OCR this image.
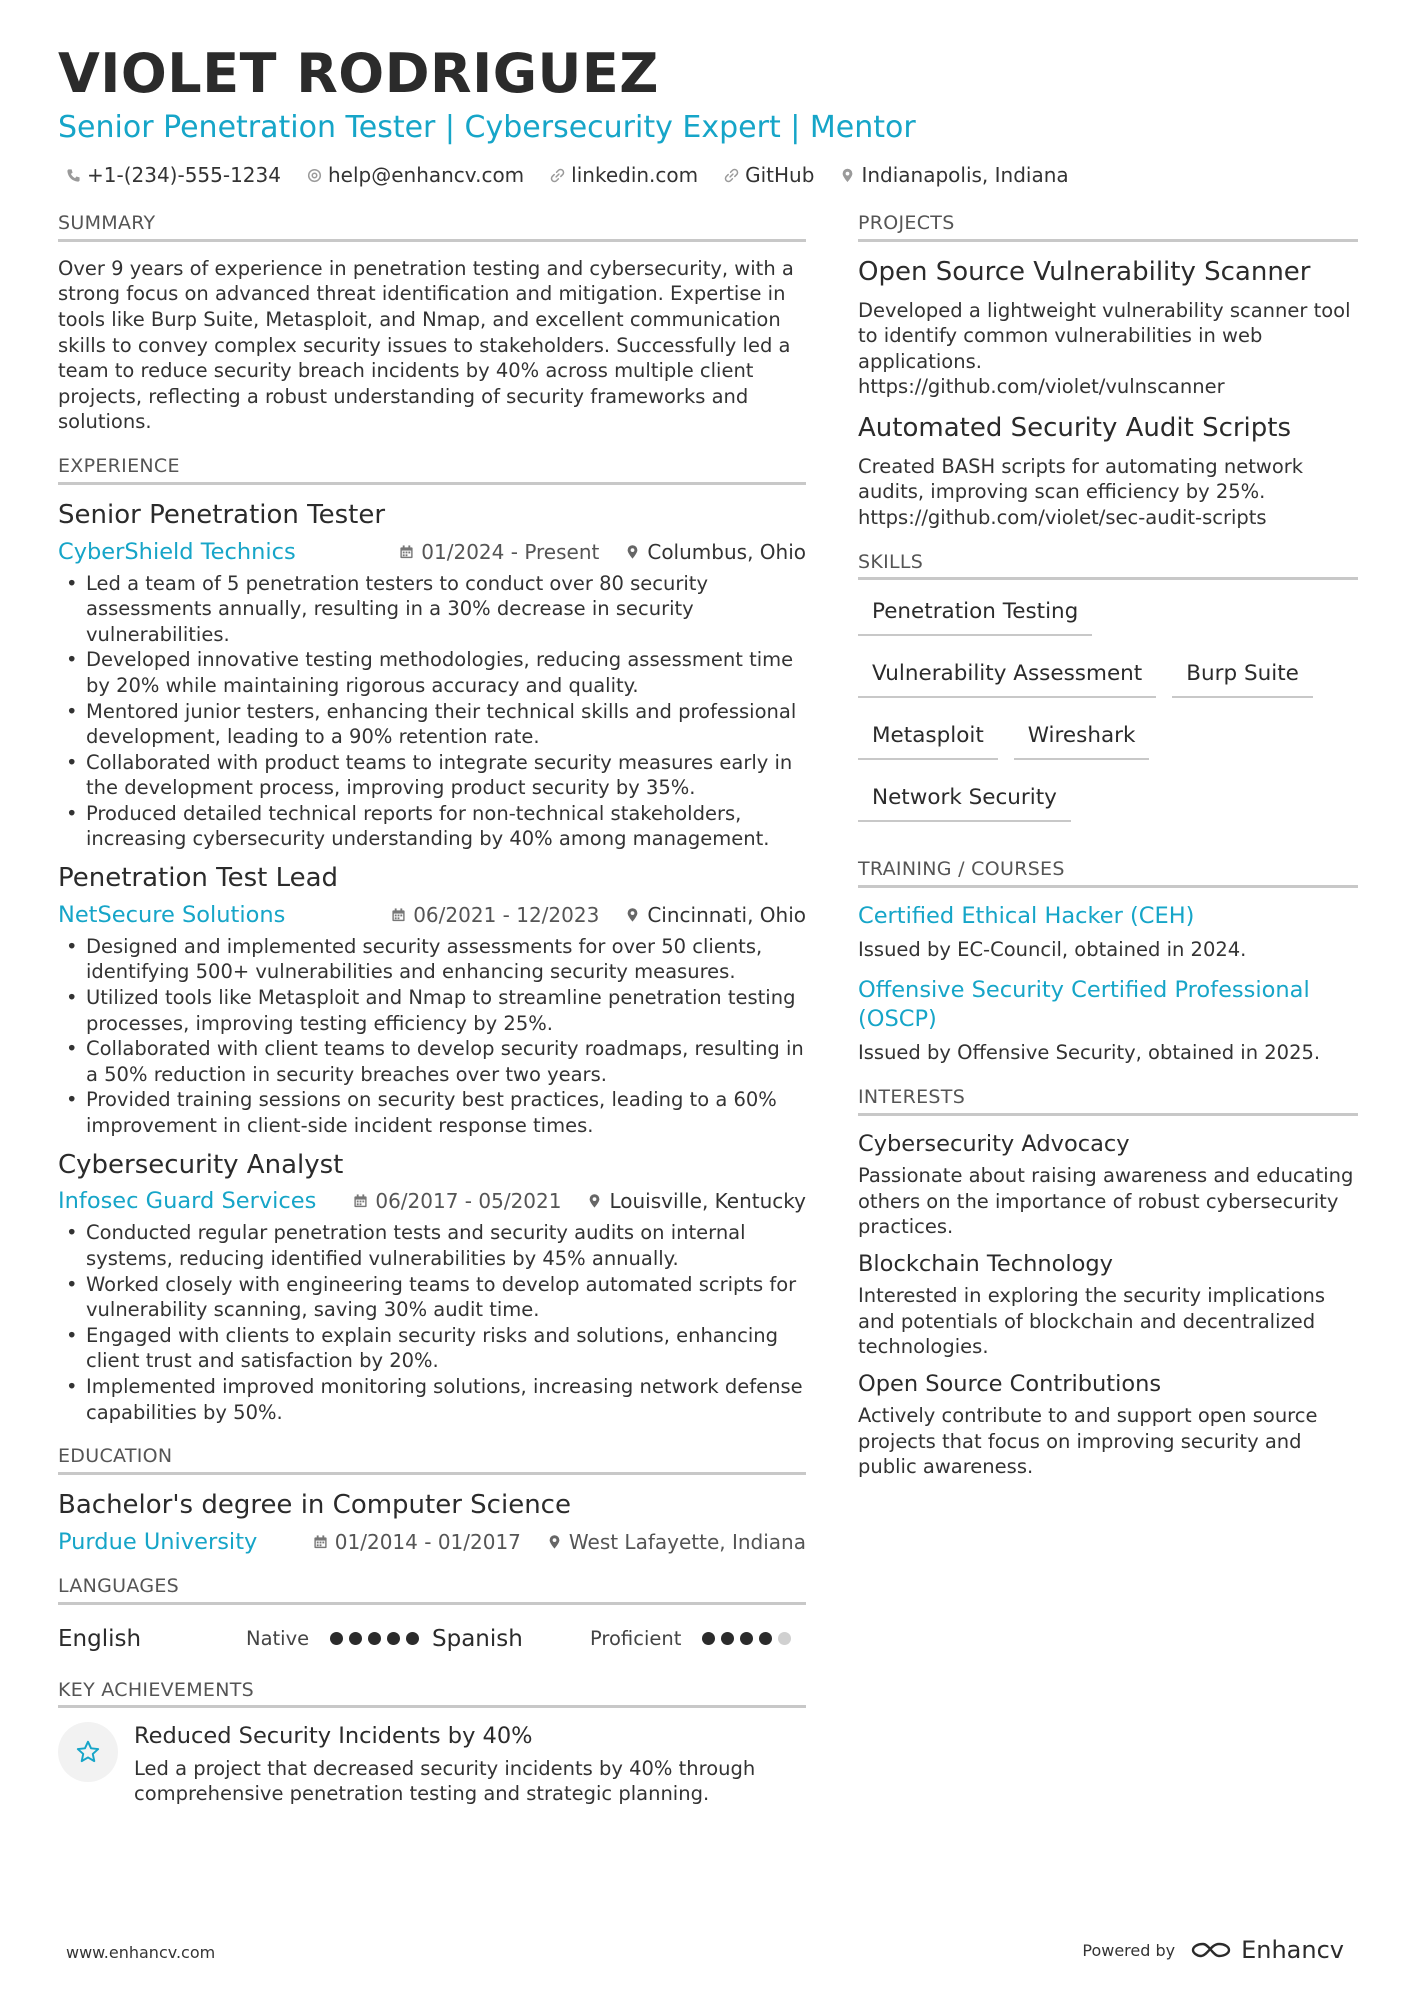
VIOLET RODRIGUEZ
Senior Penetration Tester | Cybersecurity Expert | Mentor
+1-(234)-555-1234 help@enhancv.com linkedin.com GitHub Indianapolis, Indiana
SUMMARY
Over 9 years of experience in penetration testing and cybersecurity, with a strong focus on advanced threat identification and mitigation. Expertise in tools like Burp Suite, Metasploit, and Nmap, and excellent communication skills to convey complex security issues to stakeholders. Successfully led a team to reduce security breach incidents by 40% across multiple client projects, reflecting a robust understanding of security frameworks and solutions.
EXPERIENCE
Senior Penetration Tester
CyberShield Technics	01/2024 - Present Columbus, Ohio
• Led a team of 5 penetration testers to conduct over 80 security assessments annually, resulting in a 30% decrease in security vulnerabilities.
• Developed innovative testing methodologies, reducing assessment time by 20% while maintaining rigorous accuracy and quality.
• Mentored junior testers, enhancing their technical skills and professional development, leading to a 90% retention rate.
• Collaborated with product teams to integrate security measures early in the development process, improving product security by 35%.
• Produced detailed technical reports for non-technical stakeholders, increasing cybersecurity understanding by 40% among management.
Penetration Test Lead
NetSecure Solutions	06/2021 - 12/2023 Cincinnati, Ohio
• Designed and implemented security assessments for over 50 clients, identifying 500+ vulnerabilities and enhancing security measures.
• Utilized tools like Metasploit and Nmap to streamline penetration testing processes, improving testing efficiency by 25%.
• Collaborated with client teams to develop security roadmaps, resulting in a 50% reduction in security breaches over two years.
• Provided training sessions on security best practices, leading to a 60% improvement in client-side incident response times.
Cybersecurity Analyst
Infosec Guard Services	06/2017 - 05/2021 Louisville, Kentucky
• Conducted regular penetration tests and security audits on internal systems, reducing identified vulnerabilities by 45% annually.
• Worked closely with engineering teams to develop automated scripts for vulnerability scanning, saving 30% audit time.
• Engaged with clients to explain security risks and solutions, enhancing client trust and satisfaction by 20%.
• Implemented improved monitoring solutions, increasing network defense capabilities by 50%.
EDUCATION
Bachelor's degree in Computer Science
Purdue University	01/2014 - 01/2017 West Lafayette, Indiana
LANGUAGES
English	Native	Spanish	Proficient
KEY ACHIEVEMENTS
Reduced Security Incidents by 40%
Led a project that decreased security incidents by 40% through comprehensive penetration testing and strategic planning.
PROJECTS
Open Source Vulnerability Scanner
Developed a lightweight vulnerability scanner tool to identify common vulnerabilities in web applications.
https://github.com/violet/vulnscanner
Automated Security Audit Scripts
Created BASH scripts for automating network audits, improving scan efficiency by 25%.
https://github.com/violet/sec-audit-scripts
SKILLS
Penetration Testing
Vulnerability Assessment	Burp Suite
Metasploit	Wireshark
Network Security
TRAINING / COURSES
Certified Ethical Hacker (CEH)
Issued by EC-Council, obtained in 2024.
Offensive Security Certified Professional (OSCP)
Issued by Offensive Security, obtained in 2025.
INTERESTS
Cybersecurity Advocacy
Passionate about raising awareness and educating others on the importance of robust cybersecurity practices.
Blockchain Technology
Interested in exploring the security implications and potentials of blockchain and decentralized technologies.
Open Source Contributions
Actively contribute to and support open source projects that focus on improving security and public awareness.
www.enhancv.com	Powered by	Enhancv
